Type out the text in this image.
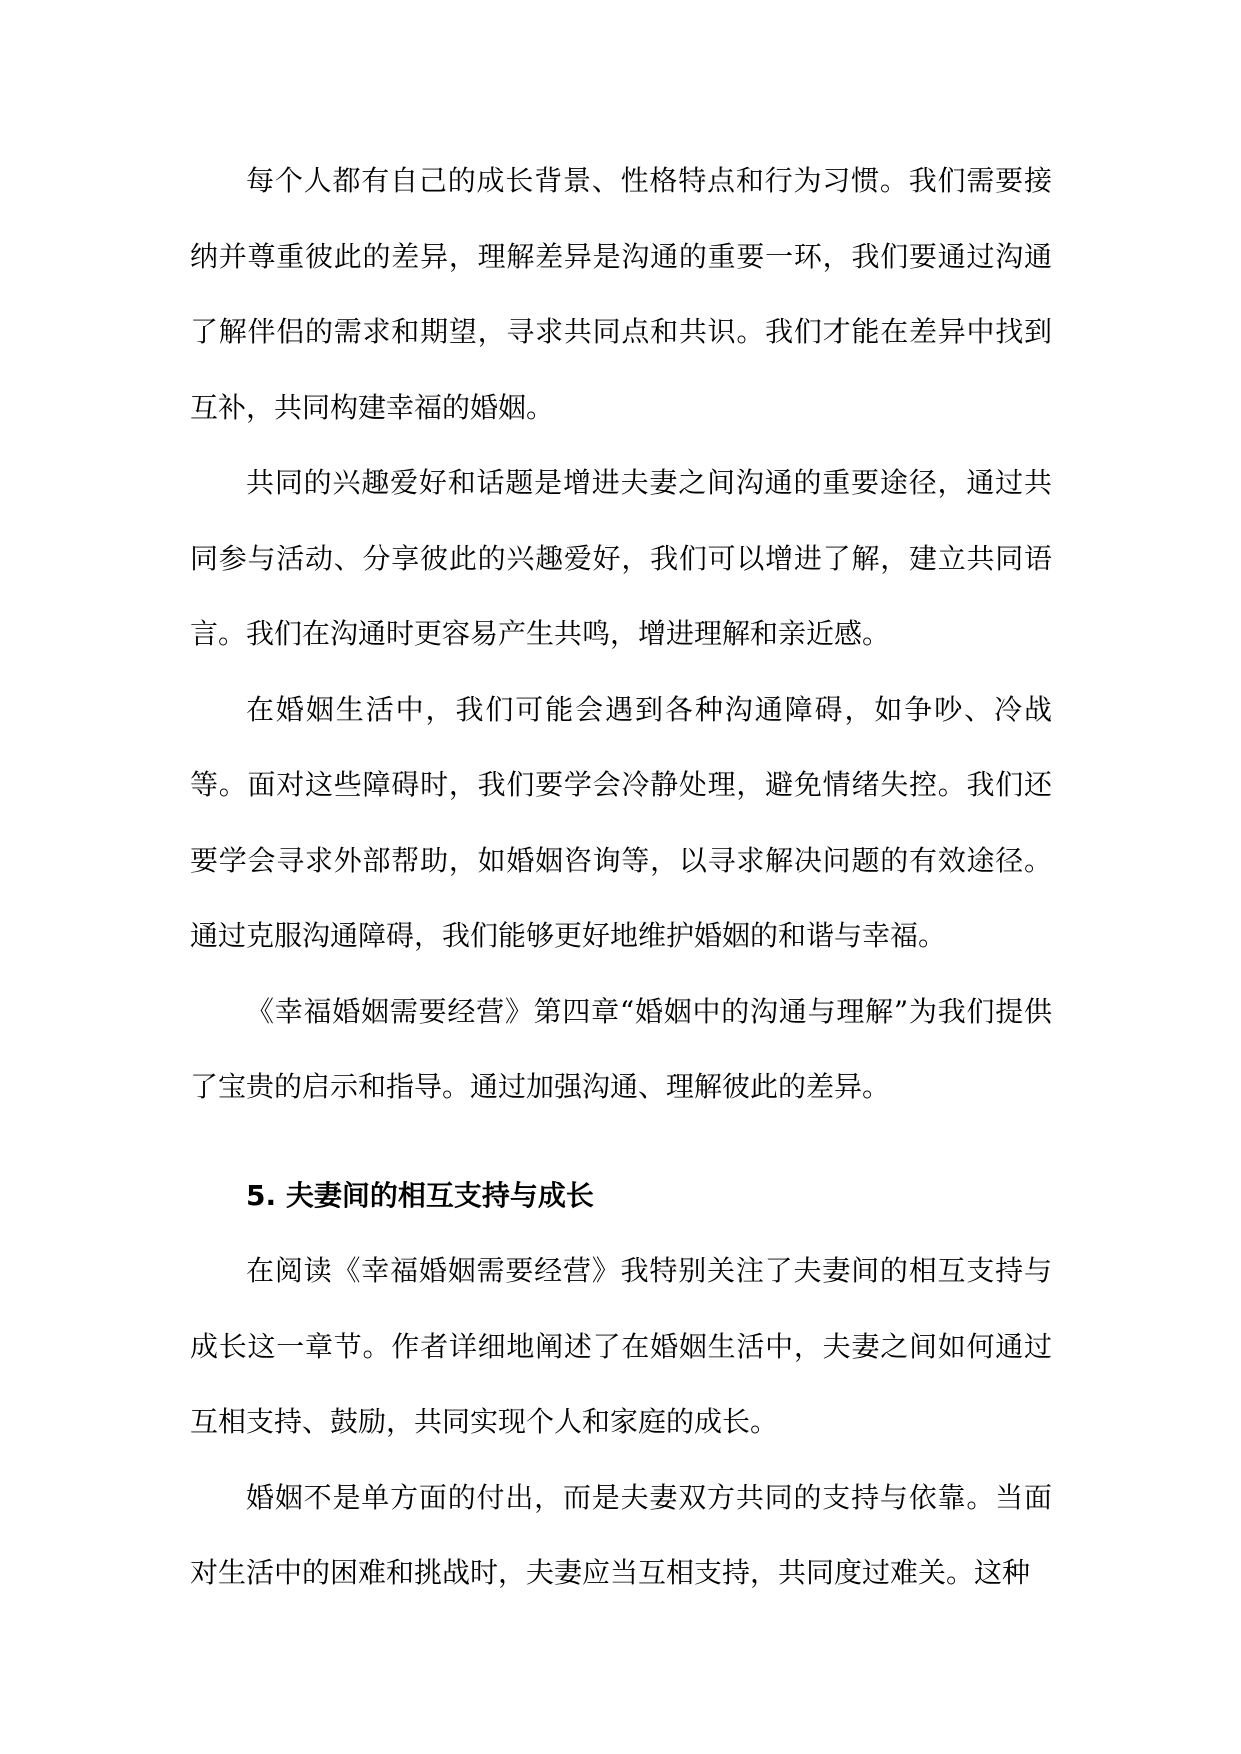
每个人都有自己的成长背景、性格特点和行为习惯。我们需要接纳并尊重彼此的差异，理解差异是沟通的重要一环，我们要通过沟通了解伴侣的需求和期望，寻求共同点和共识。我们才能在差异中找到互补，共同构建幸福的婚姻。

共同的兴趣爱好和话题是增进夫妻之间沟通的重要途径，通过共同参与活动、分享彼此的兴趣爱好，我们可以增进了解，建立共同语言。我们在沟通时更容易产生共鸣，增进理解和亲近感。

在婚姻生活中，我们可能会遇到各种沟通障碍，如争吵、冷战等。面对这些障碍时，我们要学会冷静处理，避免情绪失控。我们还要学会寻求外部帮助，如婚姻咨询等，以寻求解决问题的有效途径。通过克服沟通障碍，我们能够更好地维护婚姻的和谐与幸福。

《幸福婚姻需要经营》第四章“婚姻中的沟通与理解”为我们提供了宝贵的启示和指导。通过加强沟通、理解彼此的差异。

5. 夫妻间的相互支持与成长

在阅读《幸福婚姻需要经营》我特别关注了夫妻间的相互支持与成长这一章节。作者详细地阐述了在婚姻生活中，夫妻之间如何通过互相支持、鼓励，共同实现个人和家庭的成长。

婚姻不是单方面的付出，而是夫妻双方共同的支持与依靠。当面对生活中的困难和挑战时，夫妻应当互相支持，共同度过难关。这种
